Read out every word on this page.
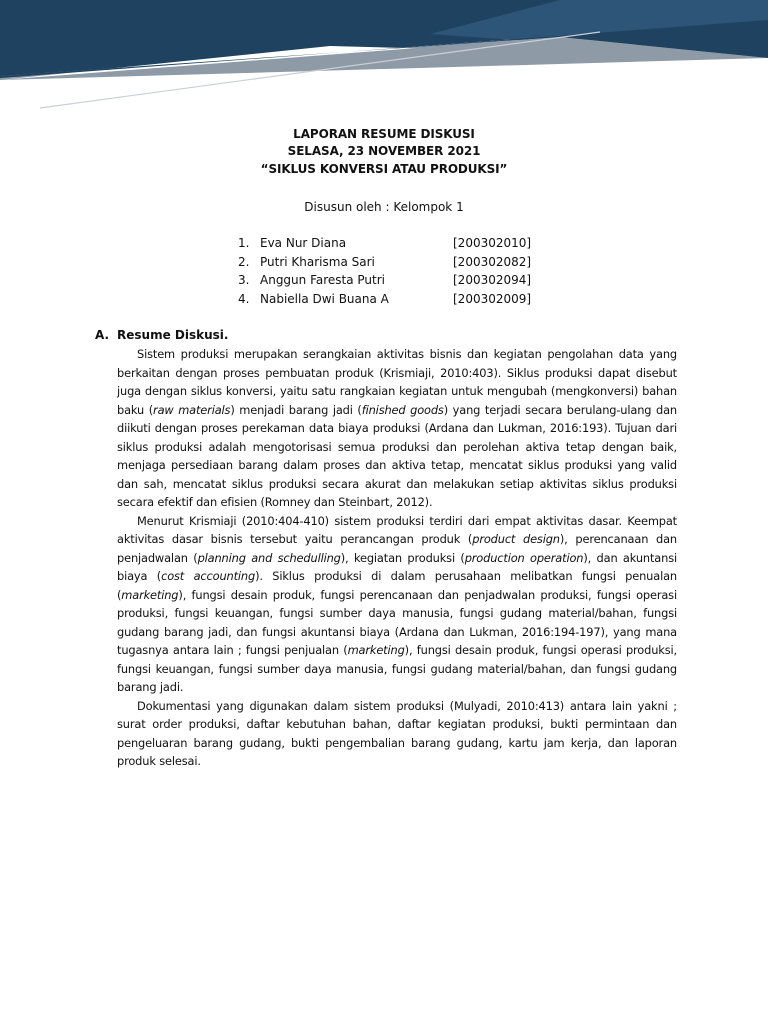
LAPORAN RESUME DISKUSI
SELASA, 23 NOVEMBER 2021
“SIKLUS KONVERSI ATAU PRODUKSI”
Disusun oleh : Kelompok 1
1. Eva Nur Diana	[200302010]
2. Putri Kharisma Sari	[200302082]
3. Anggun Faresta Putri	[200302094]
4. Nabiella Dwi Buana A	[200302009]
A. Resume Diskusi.

Sistem produksi merupakan serangkaian aktivitas bisnis dan kegiatan pengolahan data yang berkaitan dengan proses pembuatan produk (Krismiaji, 2010:403). Siklus produksi dapat disebut juga dengan siklus konversi, yaitu satu rangkaian kegiatan untuk mengubah (mengkonversi) bahan baku (raw materials) menjadi barang jadi (finished goods) yang terjadi secara berulang-ulang dan diikuti dengan proses perekaman data biaya produksi (Ardana dan Lukman, 2016:193). Tujuan dari siklus produksi adalah mengotorisasi semua produksi dan perolehan aktiva tetap dengan baik, menjaga persediaan barang dalam proses dan aktiva tetap, mencatat siklus produksi yang valid dan sah, mencatat siklus produksi secara akurat dan melakukan setiap aktivitas siklus produksi secara efektif dan efisien (Romney dan Steinbart, 2012).

Menurut Krismiaji (2010:404-410) sistem produksi terdiri dari empat aktivitas dasar. Keempat aktivitas dasar bisnis tersebut yaitu perancangan produk (product design), perencanaan dan penjadwalan (planning and schedulling), kegiatan produksi (production operation), dan akuntansi biaya (cost accounting). Siklus produksi di dalam perusahaan melibatkan fungsi penualan (marketing), fungsi desain produk, fungsi perencanaan dan penjadwalan produksi, fungsi operasi produksi, fungsi keuangan, fungsi sumber daya manusia, fungsi gudang material/bahan, fungsi gudang barang jadi, dan fungsi akuntansi biaya (Ardana dan Lukman, 2016:194-197), yang mana tugasnya antara lain ; fungsi penjualan (marketing), fungsi desain produk, fungsi operasi produksi, fungsi keuangan, fungsi sumber daya manusia, fungsi gudang material/bahan, dan fungsi gudang barang jadi.

Dokumentasi yang digunakan dalam sistem produksi (Mulyadi, 2010:413) antara lain yakni ; surat order produksi, daftar kebutuhan bahan, daftar kegiatan produksi, bukti permintaan dan pengeluaran barang gudang, bukti pengembalian barang gudang, kartu jam kerja, dan laporan produk selesai.
